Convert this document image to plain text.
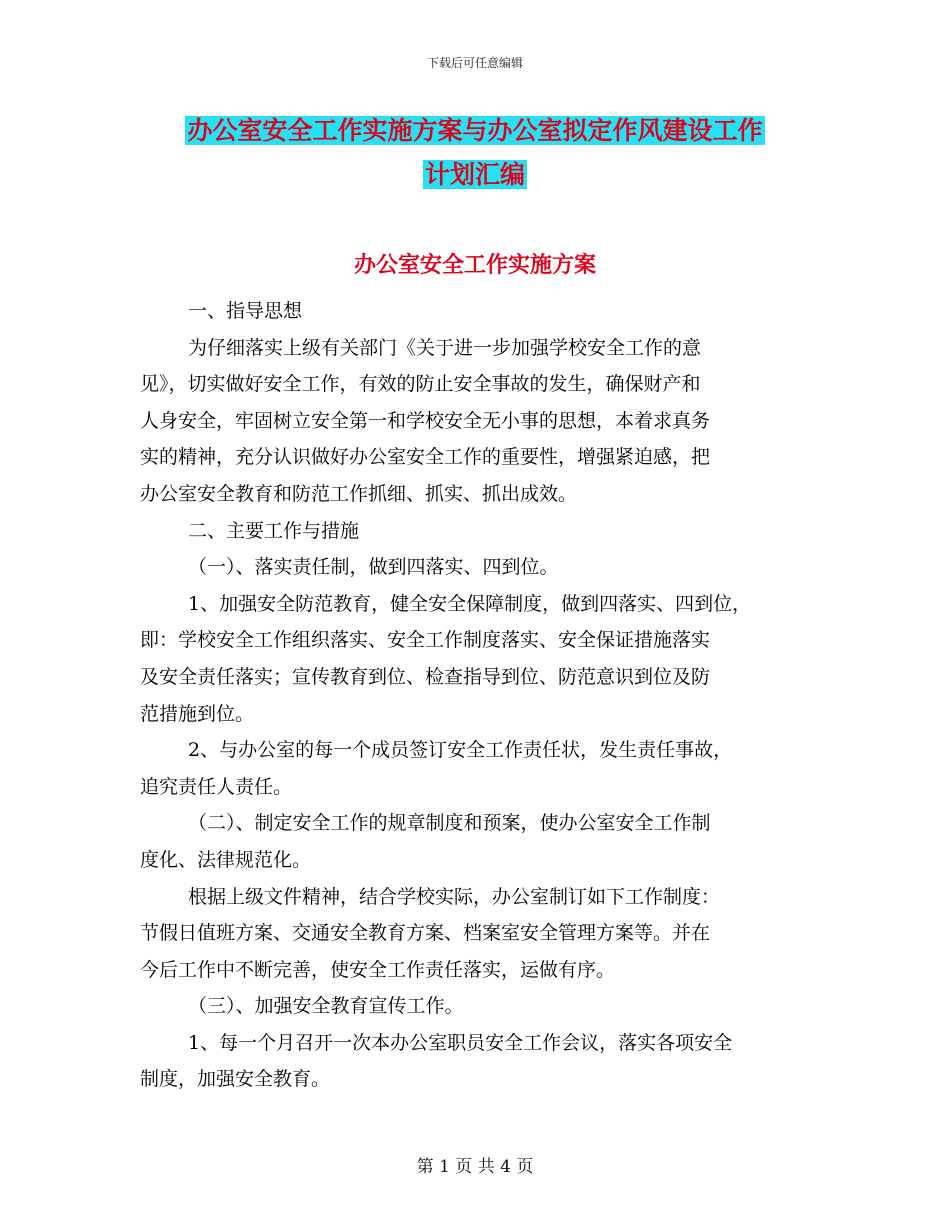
下载后可任意编辑
办公室安全工作实施方案与办公室拟定作风建设工作
计划汇编
办公室安全工作实施方案
一、指导思想
为仔细落实上级有关部门《关于进一步加强学校安全工作的意
见》，切实做好安全工作，有效的防止安全事故的发生，确保财产和
人身安全，牢固树立安全第一和学校安全无小事的思想，本着求真务
实的精神，充分认识做好办公室安全工作的重要性，增强紧迫感，把
办公室安全教育和防范工作抓细、抓实、抓出成效。
二、主要工作与措施
（一）、落实责任制，做到四落实、四到位。
1、加强安全防范教育，健全安全保障制度，做到四落实、四到位，
即：学校安全工作组织落实、安全工作制度落实、安全保证措施落实
及安全责任落实；宣传教育到位、检查指导到位、防范意识到位及防
范措施到位。
2、与办公室的每一个成员签订安全工作责任状，发生责任事故，
追究责任人责任。
（二）、制定安全工作的规章制度和预案，使办公室安全工作制
度化、法律规范化。
根据上级文件精神，结合学校实际，办公室制订如下工作制度：
节假日值班方案、交通安全教育方案、档案室安全管理方案等。并在
今后工作中不断完善，使安全工作责任落实，运做有序。
（三）、加强安全教育宣传工作。
1、每一个月召开一次本办公室职员安全工作会议，落实各项安全
制度，加强安全教育。
第 1 页 共 4 页
